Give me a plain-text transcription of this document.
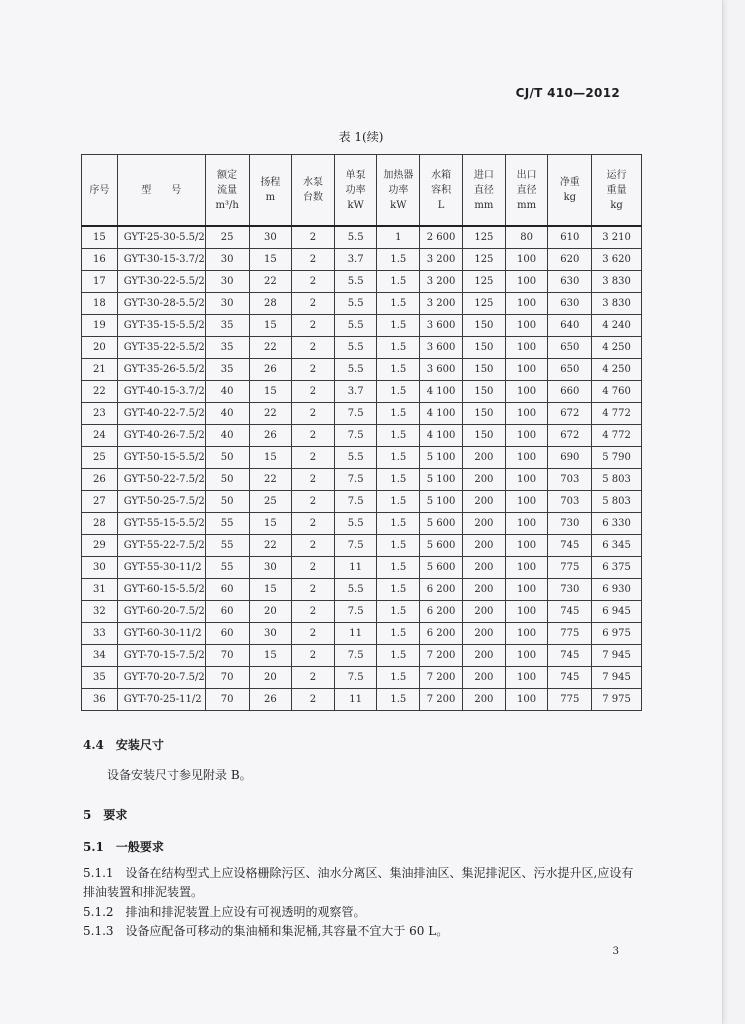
CJ/T 410—2012
表 1(续)
序号	型　　号	额定
流量
m³/h	扬程
m	水泵
台数	单泵
功率
kW	加热器
功率
kW	水箱
容积
L	进口
直径
mm	出口
直径
mm	净重
kg	运行
重量
kg
15	GYT-25-30-5.5/2	25	30	2	5.5	1	2 600	125	80	610	3 210
16	GYT-30-15-3.7/2	30	15	2	3.7	1.5	3 200	125	100	620	3 620
17	GYT-30-22-5.5/2	30	22	2	5.5	1.5	3 200	125	100	630	3 830
18	GYT-30-28-5.5/2	30	28	2	5.5	1.5	3 200	125	100	630	3 830
19	GYT-35-15-5.5/2	35	15	2	5.5	1.5	3 600	150	100	640	4 240
20	GYT-35-22-5.5/2	35	22	2	5.5	1.5	3 600	150	100	650	4 250
21	GYT-35-26-5.5/2	35	26	2	5.5	1.5	3 600	150	100	650	4 250
22	GYT-40-15-3.7/2	40	15	2	3.7	1.5	4 100	150	100	660	4 760
23	GYT-40-22-7.5/2	40	22	2	7.5	1.5	4 100	150	100	672	4 772
24	GYT-40-26-7.5/2	40	26	2	7.5	1.5	4 100	150	100	672	4 772
25	GYT-50-15-5.5/2	50	15	2	5.5	1.5	5 100	200	100	690	5 790
26	GYT-50-22-7.5/2	50	22	2	7.5	1.5	5 100	200	100	703	5 803
27	GYT-50-25-7.5/2	50	25	2	7.5	1.5	5 100	200	100	703	5 803
28	GYT-55-15-5.5/2	55	15	2	5.5	1.5	5 600	200	100	730	6 330
29	GYT-55-22-7.5/2	55	22	2	7.5	1.5	5 600	200	100	745	6 345
30	GYT-55-30-11/2	55	30	2	11	1.5	5 600	200	100	775	6 375
31	GYT-60-15-5.5/2	60	15	2	5.5	1.5	6 200	200	100	730	6 930
32	GYT-60-20-7.5/2	60	20	2	7.5	1.5	6 200	200	100	745	6 945
33	GYT-60-30-11/2	60	30	2	11	1.5	6 200	200	100	775	6 975
34	GYT-70-15-7.5/2	70	15	2	7.5	1.5	7 200	200	100	745	7 945
35	GYT-70-20-7.5/2	70	20	2	7.5	1.5	7 200	200	100	745	7 945
36	GYT-70-25-11/2	70	26	2	11	1.5	7 200	200	100	775	7 975
4.4　安装尺寸
设备安装尺寸参见附录 B。
5　要求
5.1　一般要求
5.1.1　设备在结构型式上应设格栅除污区、油水分离区、集油排油区、集泥排泥区、污水提升区,应设有排油装置和排泥装置。
5.1.2　排油和排泥装置上应设有可视透明的观察管。
5.1.3　设备应配备可移动的集油桶和集泥桶,其容量不宜大于 60 L。
3
